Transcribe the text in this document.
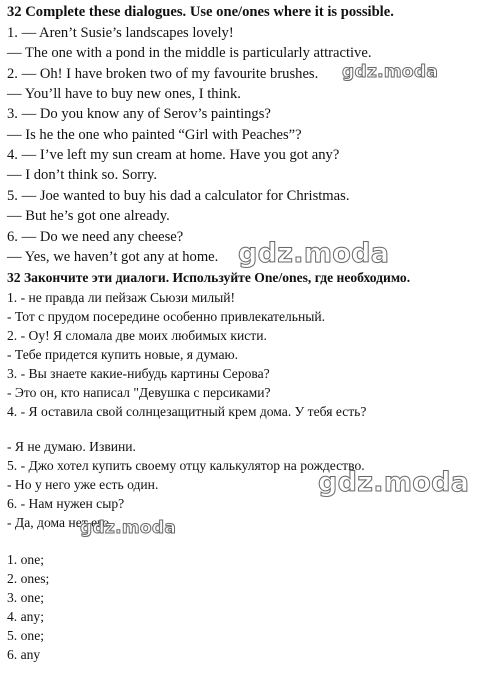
32 Complete these dialogues. Use one/ones where it is possible.
1. — Aren’t Susie’s landscapes lovely!
— The one with a pond in the middle is particularly attractive.
2. — Oh! I have broken two of my favourite brushes.
— You’ll have to buy new ones, I think.
3. — Do you know any of Serov’s paintings?
— Is he the one who painted “Girl with Peaches”?
4. — I’ve left my sun cream at home. Have you got any?
— I don’t think so. Sorry.
5. — Joe wanted to buy his dad a calculator for Christmas.
— But he’s got one already.
6. — Do we need any cheese?
— Yes, we haven’t got any at home.
32 Закончите эти диалоги. Используйте One/ones, где необходимо.
1. - не правда ли пейзаж Сьюзи милый!
- Тот с прудом посередине особенно привлекательный.
2. - Оу! Я сломала две моих любимых кисти.
- Тебе придется купить новые, я думаю.
3. - Вы знаете какие-нибудь картины Серова?
- Это он, кто написал "Девушка с персиками?
4. - Я оставила свой солнцезащитный крем дома. У тебя есть?
- Я не думаю. Извини.
5. - Джо хотел купить своему отцу калькулятор на рождество.
- Но у него уже есть один.
6. - Нам нужен сыр?
- Да, дома нет его.
1. one;
2. ones;
3. one;
4. any;
5. one;
6. any
gdz.moda
gdz.moda
gdz.moda
gdz.moda
